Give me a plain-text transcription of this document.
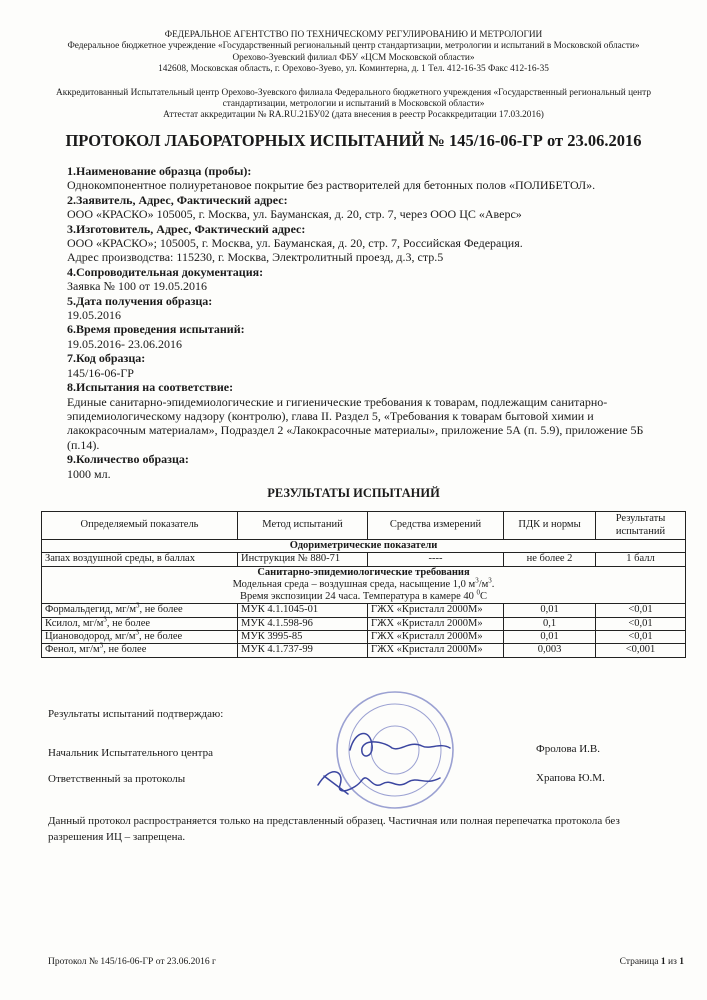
ФЕДЕРАЛЬНОЕ АГЕНТСТВО ПО ТЕХНИЧЕСКОМУ РЕГУЛИРОВАНИЮ И МЕТРОЛОГИИ
Федеральное бюджетное учреждение «Государственный региональный центр стандартизации, метрологии и испытаний в Московской области»
Орехово-Зуевский филиал ФБУ «ЦСМ Московской области»
142608, Московская область, г. Орехово-Зуево, ул. Коминтерна, д. 1 Тел. 412-16-35 Факс 412-16-35
Аккредитованный Испытательный центр Орехово-Зуевского филиала Федерального бюджетного учреждения «Государственный региональный центр
стандартизации, метрологии и испытаний в Московской области»
Аттестат аккредитации № RA.RU.21БУ02 (дата внесения в реестр Росаккредитации 17.03.2016)
ПРОТОКОЛ ЛАБОРАТОРНЫХ ИСПЫТАНИЙ № 145/16-06-ГР от 23.06.2016
1.Наименование образца (пробы):
Однокомпонентное полиуретановое покрытие без растворителей для бетонных полов «ПОЛИБЕТОЛ».
2.Заявитель, Адрес, Фактический адрес:
ООО «КРАСКО» 105005, г. Москва, ул. Бауманская, д. 20, стр. 7, через ООО ЦС «Аверс»
3.Изготовитель, Адрес, Фактический адрес:
ООО «КРАСКО»; 105005, г. Москва, ул. Бауманская, д. 20, стр. 7, Российская Федерация.
Адрес производства: 115230, г. Москва, Электролитный проезд, д.3, стр.5
4.Сопроводительная документация:
Заявка № 100 от 19.05.2016
5.Дата получения образца:
19.05.2016
6.Время проведения испытаний:
19.05.2016- 23.06.2016
7.Код образца:
145/16-06-ГР
8.Испытания на соответствие:
Единые санитарно-эпидемиологические и гигиенические требования к товарам, подлежащим санитарно-эпидемиологическому надзору (контролю), глава II. Раздел 5, «Требования к товарам бытовой химии и лакокрасочным материалам», Подраздел 2 «Лакокрасочные материалы», приложение 5А (п. 5.9), приложение 5Б (п.14).
9.Количество образца:
1000 мл.
РЕЗУЛЬТАТЫ ИСПЫТАНИЙ
Определяемый показатель	Метод испытаний	Средства измерений	ПДК и нормы	Результаты испытаний
Одориметрические показатели				
Запах воздушной среды, в баллах	Инструкция № 880-71	----	не более 2	1 балл

Санитарно-эпидемиологические требования
Модельная среда – воздушная среда, насыщение 1,0 $м^3/м^3$.
Время экспозиции 24 часа. Температура в камере 40 $^0$С				

Формальдегид, $мг/м^3$, не более	МУК 4.1.1045-01	ГЖХ «Кристалл 2000М»	0,01	<0,01
Ксилол, $мг/м^3$, не более	МУК 4.1.598-96	ГЖХ «Кристалл 2000М»	0,1	<0,01
Циановодород, $мг/м^3$, не более	МУК 3995-85	ГЖХ «Кристалл 2000М»	0,01	<0,01
Фенол, $мг/м^3$, не более	МУК 4.1.737-99	ГЖХ «Кристалл 2000М»	0,003	<0,001
Результаты испытаний подтверждаю:
Начальник Испытательного центра	Фролова И.В.
Ответственный за протоколы	Храпова Ю.М.
Данный протокол распространяется только на представленный образец. Частичная или полная перепечатка протокола без
разрешения ИЦ – запрещена.
Протокол № 145/16-06-ГР от 23.06.2016 г	Страница 1 из 1
